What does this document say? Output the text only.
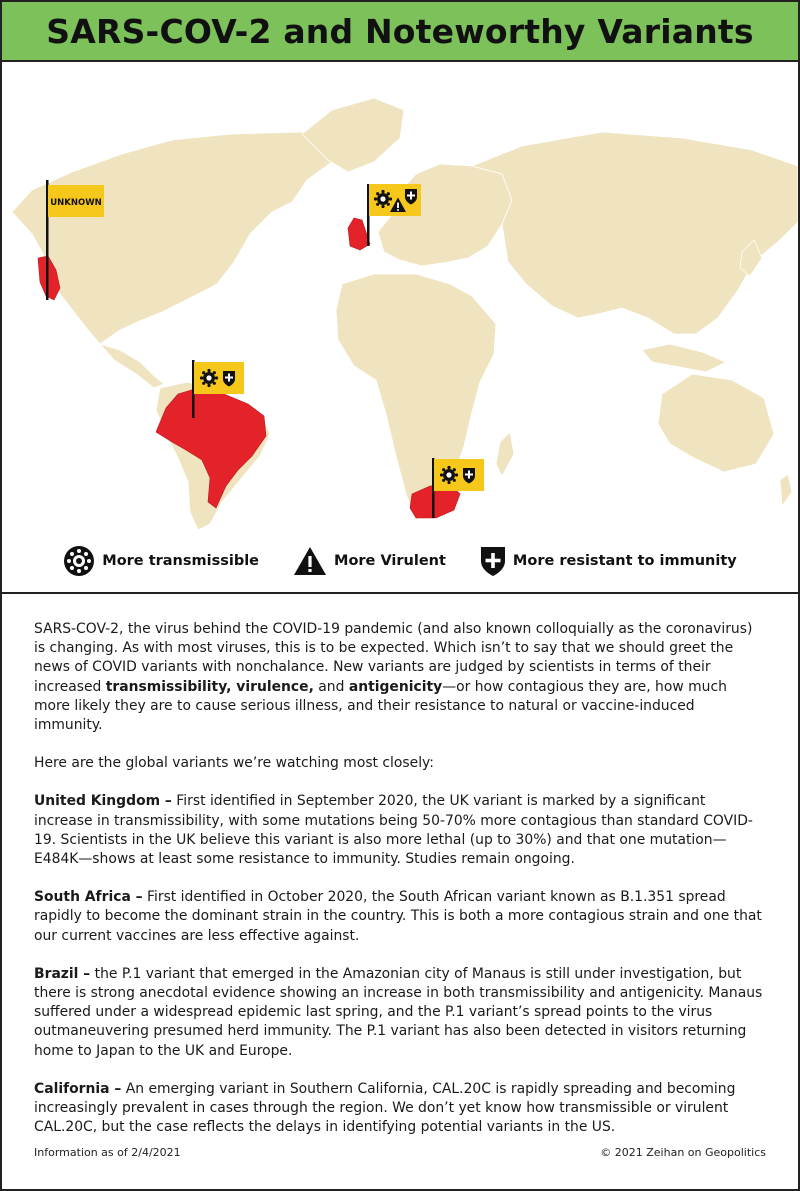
SARS-COV-2 and Noteworthy Variants
UNKNOWN
More transmissible	More Virulent	More resistant to immunity

SARS-COV-2, the virus behind the COVID-19 pandemic (and also known colloquially as the coronavirus) is changing. As with most viruses, this is to be expected. Which isn’t to say that we should greet the news of COVID variants with nonchalance. New variants are judged by scientists in terms of their increased transmissibility, virulence, and antigenicity—or how contagious they are, how much more likely they are to cause serious illness, and their resistance to natural or vaccine-induced immunity.

Here are the global variants we’re watching most closely:

United Kingdom – First identified in September 2020, the UK variant is marked by a significant increase in transmissibility, with some mutations being 50-70% more contagious than standard COVID-19. Scientists in the UK believe this variant is also more lethal (up to 30%) and that one mutation—E484K—shows at least some resistance to immunity. Studies remain ongoing.

South Africa – First identified in October 2020, the South African variant known as B.1.351 spread rapidly to become the dominant strain in the country. This is both a more contagious strain and one that our current vaccines are less effective against.

Brazil – the P.1 variant that emerged in the Amazonian city of Manaus is still under investigation, but there is strong anecdotal evidence showing an increase in both transmissibility and antigenicity. Manaus suffered under a widespread epidemic last spring, and the P.1 variant’s spread points to the virus outmaneuvering presumed herd immunity. The P.1 variant has also been detected in visitors returning home to Japan to the UK and Europe.

California – An emerging variant in Southern California, CAL.20C is rapidly spreading and becoming increasingly prevalent in cases through the region. We don’t yet know how transmissible or virulent CAL.20C, but the case reflects the delays in identifying potential variants in the US.

Information as of 2/4/2021	© 2021 Zeihan on Geopolitics
